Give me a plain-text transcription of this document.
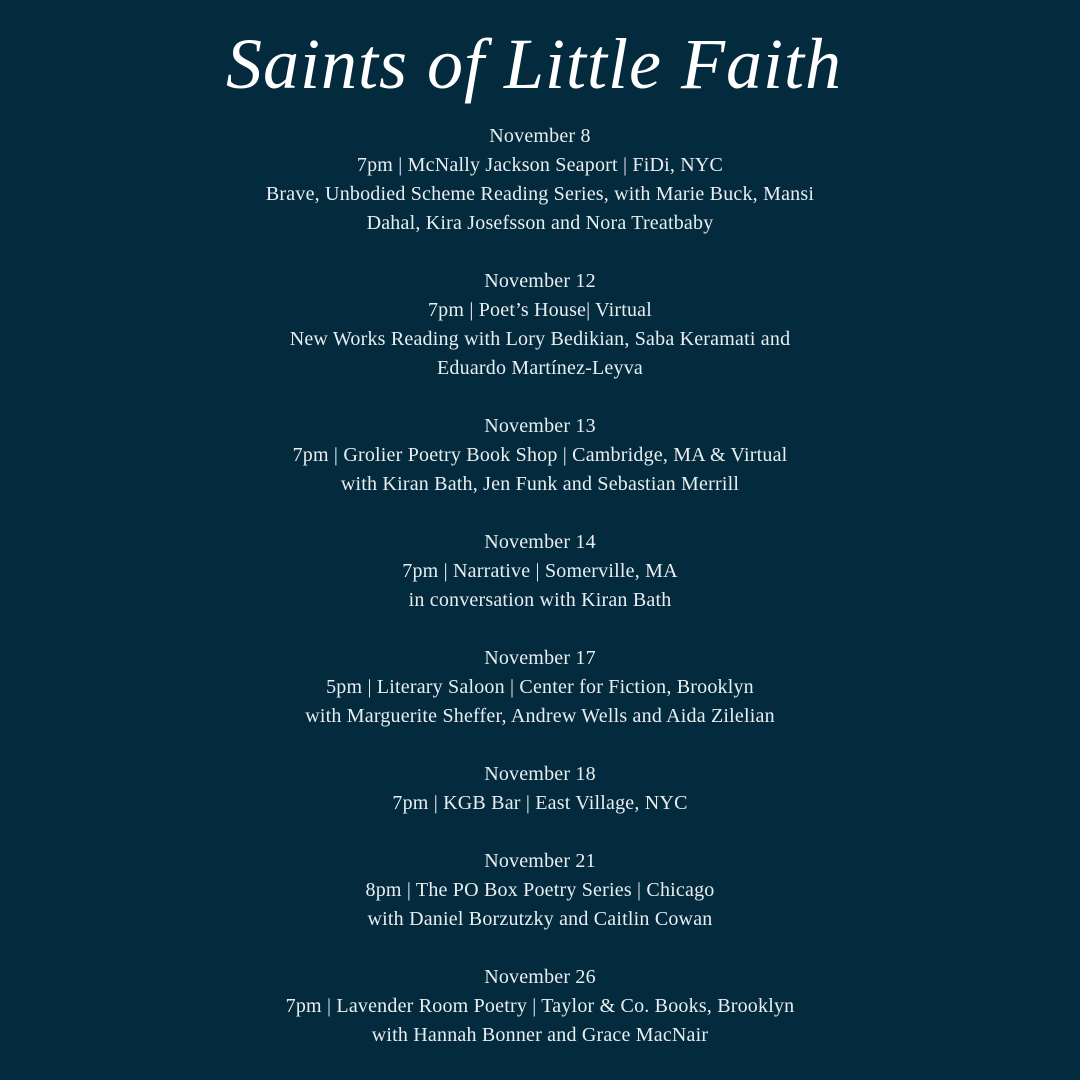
Saints of Little Faith
November 8
7pm | McNally Jackson Seaport | FiDi, NYC
Brave, Unbodied Scheme Reading Series, with Marie Buck, Mansi
Dahal, Kira Josefsson and Nora Treatbaby
November 12
7pm | Poet’s House| Virtual
New Works Reading with Lory Bedikian, Saba Keramati and
Eduardo Martínez-Leyva
November 13
7pm | Grolier Poetry Book Shop | Cambridge, MA & Virtual
with Kiran Bath, Jen Funk and Sebastian Merrill
November 14
7pm | Narrative | Somerville, MA
in conversation with Kiran Bath
November 17
5pm | Literary Saloon | Center for Fiction, Brooklyn
with Marguerite Sheffer, Andrew Wells and Aida Zilelian
November 18
7pm | KGB Bar | East Village, NYC
November 21
8pm | The PO Box Poetry Series | Chicago
with Daniel Borzutzky and Caitlin Cowan
November 26
7pm | Lavender Room Poetry | Taylor & Co. Books, Brooklyn
with Hannah Bonner and Grace MacNair
